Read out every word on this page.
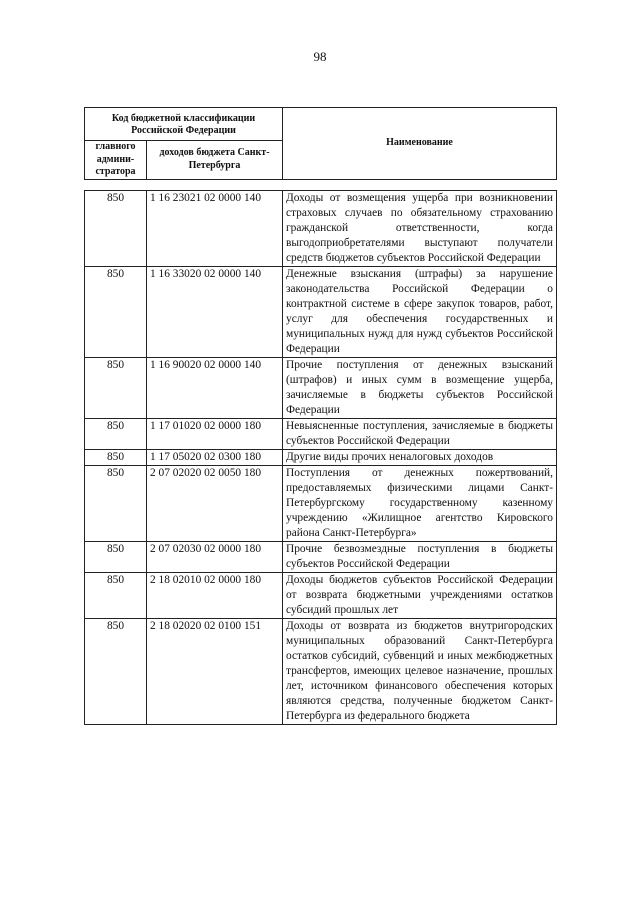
98
Код бюджетной классификации Российской Федерации		Наименование
главного админи-стратора	доходов бюджета Санкт-Петербурга	
850	1 16 23021 02 0000 140	Доходы от возмещения ущерба при возникновении страховых случаев по обязательному страхованию гражданской ответственности, когда выгодоприобретателями выступают получатели средств бюджетов субъектов Российской Федерации
850	1 16 33020 02 0000 140	Денежные взыскания (штрафы) за нарушение законодательства Российской Федерации о контрактной системе в сфере закупок товаров, работ, услуг для обеспечения государственных и муниципальных нужд для нужд субъектов Российской Федерации
850	1 16 90020 02 0000 140	Прочие поступления от денежных взысканий (штрафов) и иных сумм в возмещение ущерба, зачисляемые в бюджеты субъектов Российской Федерации
850	1 17 01020 02 0000 180	Невыясненные поступления, зачисляемые в бюджеты субъектов Российской Федерации
850	1 17 05020 02 0300 180	Другие виды прочих неналоговых доходов
850	2 07 02020 02 0050 180	Поступления от денежных пожертвований, предоставляемых физическими лицами Санкт-Петербургскому государственному казенному учреждению «Жилищное агентство Кировского района Санкт-Петербурга»
850	2 07 02030 02 0000 180	Прочие безвозмездные поступления в бюджеты субъектов Российской Федерации
850	2 18 02010 02 0000 180	Доходы бюджетов субъектов Российской Федерации от возврата бюджетными учреждениями остатков субсидий прошлых лет
850	2 18 02020 02 0100 151	Доходы от возврата из бюджетов внутригородских муниципальных образований Санкт-Петербурга остатков субсидий, субвенций и иных межбюджетных трансфертов, имеющих целевое назначение, прошлых лет, источником финансового обеспечения которых являются средства, полученные бюджетом Санкт-Петербурга из федерального бюджета
